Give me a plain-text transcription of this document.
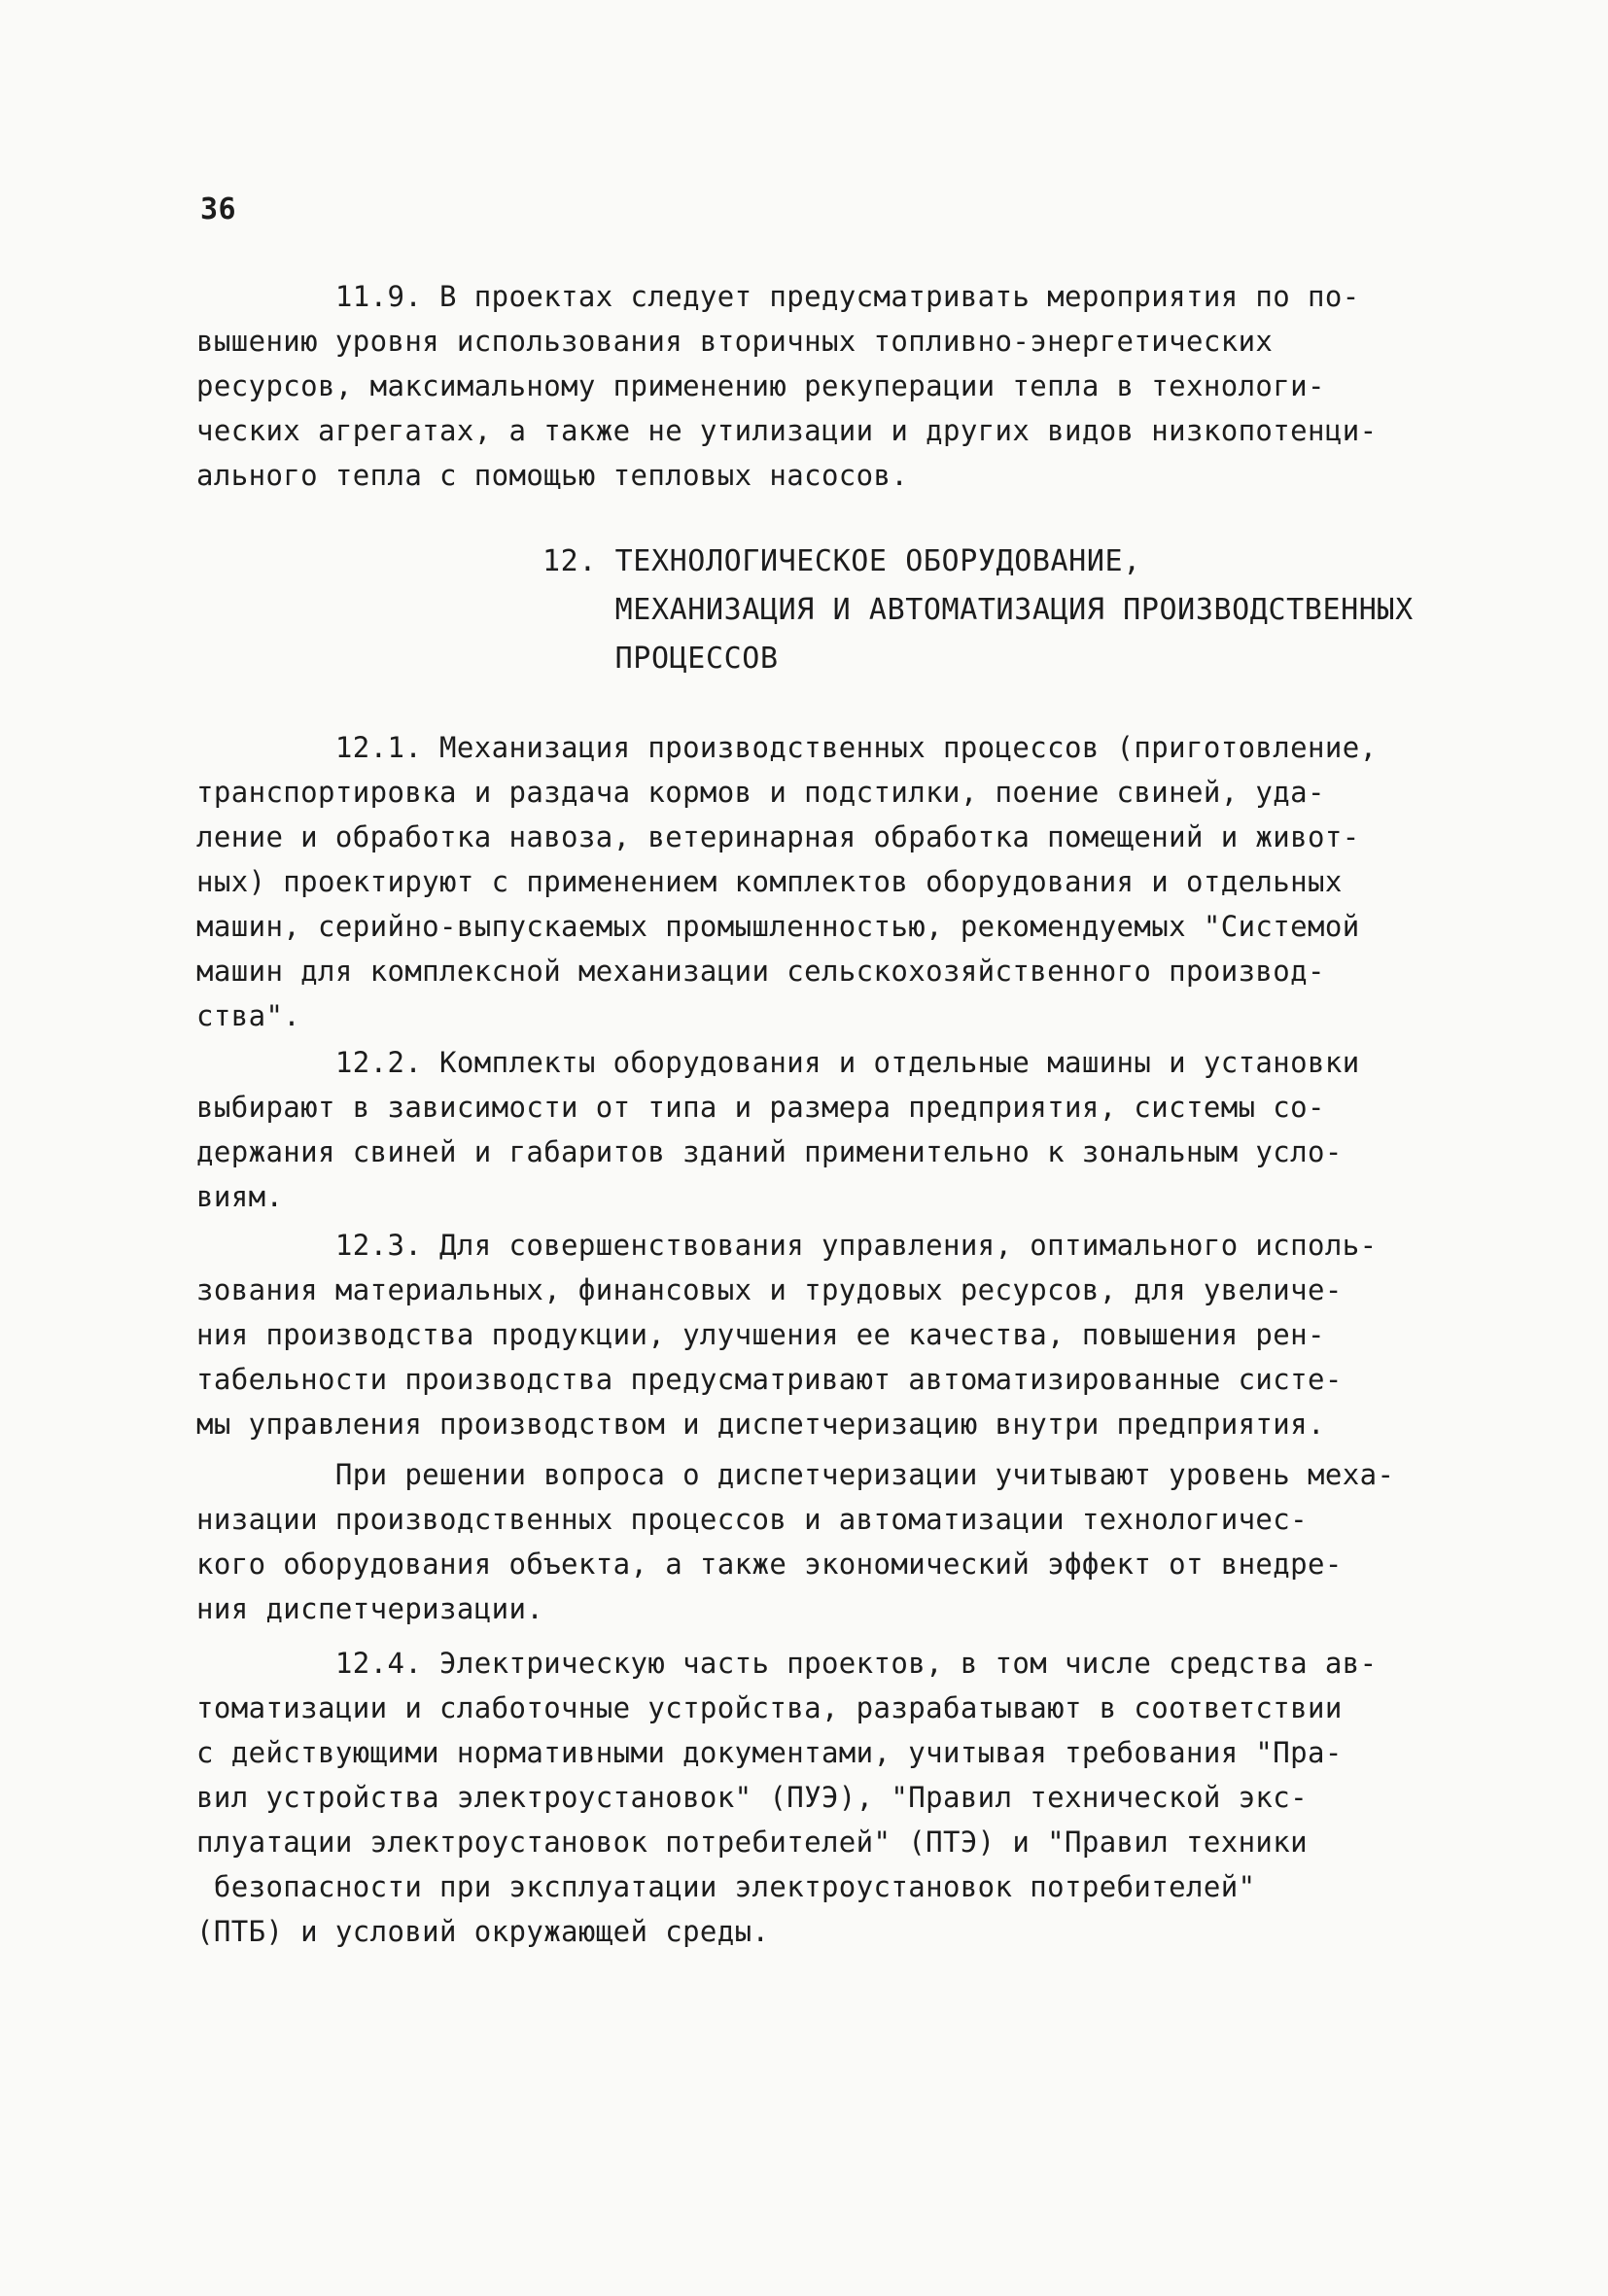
36

11.9. В проектах следует предусматривать мероприятия по по-

вышению уровня использования вторичных топливно-энергетических

ресурсов, максимальному применению рекуперации тепла в технологи-

ческих агрегатах, а также не утилизации и других видов низкопотенци-

ального тепла с помощью тепловых насосов.

12. ТЕХНОЛОГИЧЕСКОЕ ОБОРУДОВАНИЕ,

МЕХАНИЗАЦИЯ И АВТОМАТИЗАЦИЯ ПРОИЗВОДСТВЕННЫХ

ПРОЦЕССОВ

12.1. Механизация производственных процессов (приготовление,

транспортировка и раздача кормов и подстилки, поение свиней, уда-

ление и обработка навоза, ветеринарная обработка помещений и живот-

ных) проектируют с применением комплектов оборудования и отдельных

машин, серийно-выпускаемых промышленностью, рекомендуемых "Системой

машин для комплексной механизации сельскохозяйственного производ-

ства".

12.2. Комплекты оборудования и отдельные машины и установки

выбирают в зависимости от типа и размера предприятия, системы со-

держания свиней и габаритов зданий применительно к зональным усло-

виям.

12.3. Для совершенствования управления, оптимального исполь-

зования материальных, финансовых и трудовых ресурсов, для увеличе-

ния производства продукции, улучшения ее качества, повышения рен-

табельности производства предусматривают автоматизированные систе-

мы управления производством и диспетчеризацию внутри предприятия.

При решении вопроса о диспетчеризации учитывают уровень меха-

низации производственных процессов и автоматизации технологичес-

кого оборудования объекта, а также экономический эффект от внедре-

ния диспетчеризации.

12.4. Электрическую часть проектов, в том числе средства ав-

томатизации и слаботочные устройства, разрабатывают в соответствии

с действующими нормативными документами, учитывая требования "Пра-

вил устройства электроустановок" (ПУЭ), "Правил технической экс-

плуатации электроустановок потребителей" (ПТЭ) и "Правил техники

безопасности при эксплуатации электроустановок потребителей"

(ПТБ) и условий окружающей среды.
